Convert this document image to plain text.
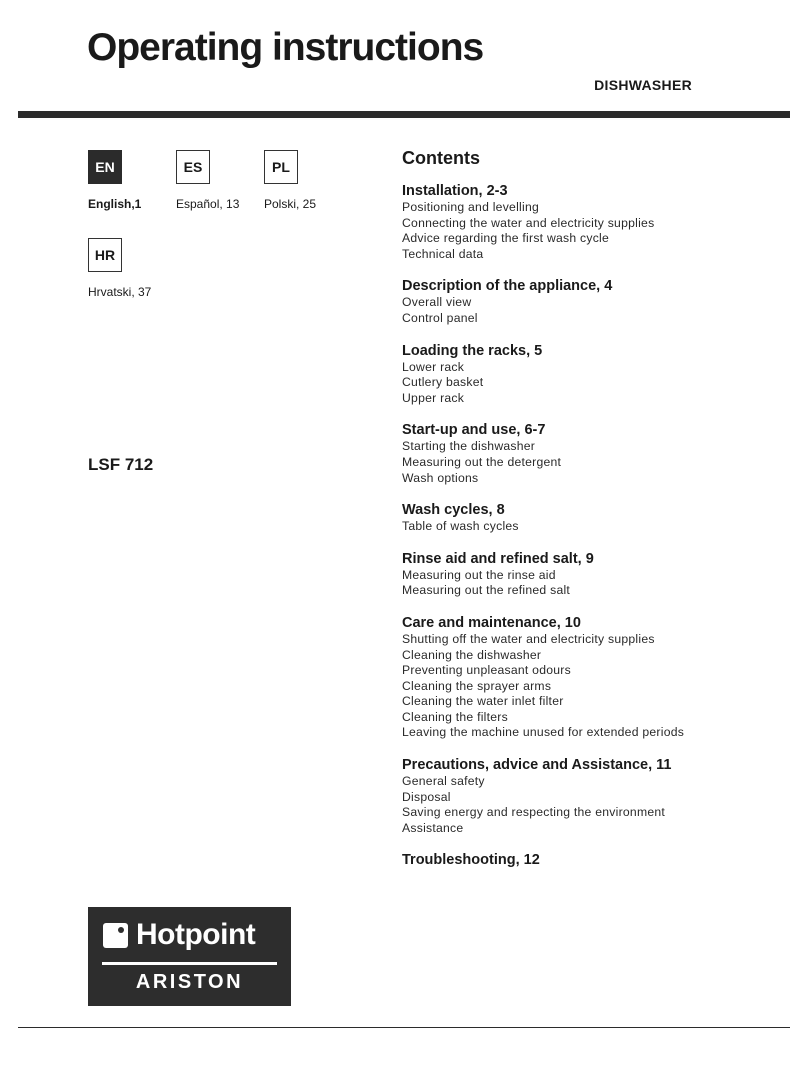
Operating instructions
DISHWASHER
EN
English,1
ES
Español, 13
PL
Polski, 25
HR
Hrvatski, 37
LSF 712
Contents
Installation, 2-3
Positioning and levelling
Connecting the water and electricity supplies
Advice regarding the first wash cycle
Technical data
Description of the appliance, 4
Overall view
Control panel
Loading the racks, 5
Lower rack
Cutlery basket
Upper rack
Start-up and use, 6-7
Starting the dishwasher
Measuring out the detergent
Wash options
Wash cycles, 8
Table of wash cycles
Rinse aid and refined salt, 9
Measuring out the rinse aid
Measuring out the refined salt
Care and maintenance, 10
Shutting off the water and electricity supplies
Cleaning the dishwasher
Preventing unpleasant odours
Cleaning the sprayer arms
Cleaning the water inlet filter
Cleaning the filters
Leaving the machine unused for extended periods
Precautions, advice and Assistance, 11
General safety
Disposal
Saving energy and respecting the environment
Assistance
Troubleshooting, 12
Hotpoint
ARISTON
